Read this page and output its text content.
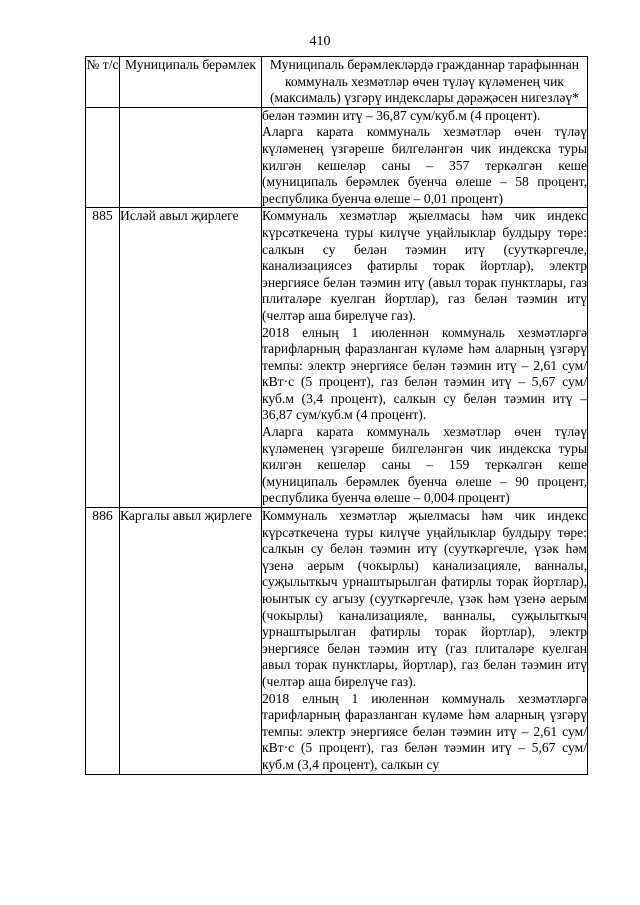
410
№ т/с	Муниципаль берәмлек	Муниципаль берәмлекләрдә гражданнар тарафыннан коммуналь хезмәтләр өчен түләү күләменең чик (максималь) үзгәрү индекслары дәрәҗәсен нигезләү*

		белән тәэмин итү – 36,87 сум/куб.м (4 процент).

Аларга карата коммуналь хезмәтләр өчен түләү күләменең үзгәреше билгеләнгән чик индекска туры килгән кешеләр саны – 357 теркәлгән кеше (муниципаль берәмлек буенча өлеше – 58 процент, республика буенча өлеше – 0,01 процент)

885	Исләй авыл җирлеге	Коммуналь хезмәтләр җыелмасы һәм чик индекс күрсәткечена туры килүче уңайлыклар булдыру төре: салкын су белән тәэмин итү (сууткәргечле, канализациясез фатирлы торак йортлар), электр энергиясе белән тәэмин итү (авыл торак пунктлары, газ плиталәре куелган йортлар), газ белән тәэмин итү (челтәр аша бирелүче газ).

2018 елның 1 июленнән коммуналь хезмәтләргә тарифларның фаразланган күләме һәм аларның үзгәрү темпы: электр энергиясе белән тәэмин итү – 2,61 сум/кВт·с (5 процент), газ белән тәэмин итү – 5,67 сум/куб.м (3,4 процент), салкын су белән тәэмин итү – 36,87 сум/куб.м (4 процент).

Аларга карата коммуналь хезмәтләр өчен түләү күләменең үзгәреше билгеләнгән чик индекска туры килгән кешеләр саны – 159 теркәлгән кеше (муниципаль берәмлек буенча өлеше – 90 процент, республика буенча өлеше – 0,004 процент)

886	Каргалы авыл җирлеге	Коммуналь хезмәтләр җыелмасы һәм чик индекс күрсәткечена туры килүче уңайлыклар булдыру төре: салкын су белән тәэмин итү (сууткәргечле, үзәк һәм үзенә аерым (чокырлы) канализацияле, ванналы, суҗылыткыч урнаштырылган фатирлы торак йортлар), юынтык су агызу (сууткәргечле, үзәк һәм үзенә аерым (чокырлы) канализацияле, ванналы, суҗылыткыч урнаштырылган фатирлы торак йортлар), электр энергиясе белән тәэмин итү (газ плиталәре куелган авыл торак пунктлары, йортлар), газ белән тәэмин итү (челтәр аша бирелүче газ).

2018 елның 1 июленнән коммуналь хезмәтләргә тарифларның фаразланган күләме һәм аларның үзгәрү темпы: электр энергиясе белән тәэмин итү – 2,61 сум/кВт·с (5 процент), газ белән тәэмин итү – 5,67 сум/куб.м (3,4 процент), салкын су
